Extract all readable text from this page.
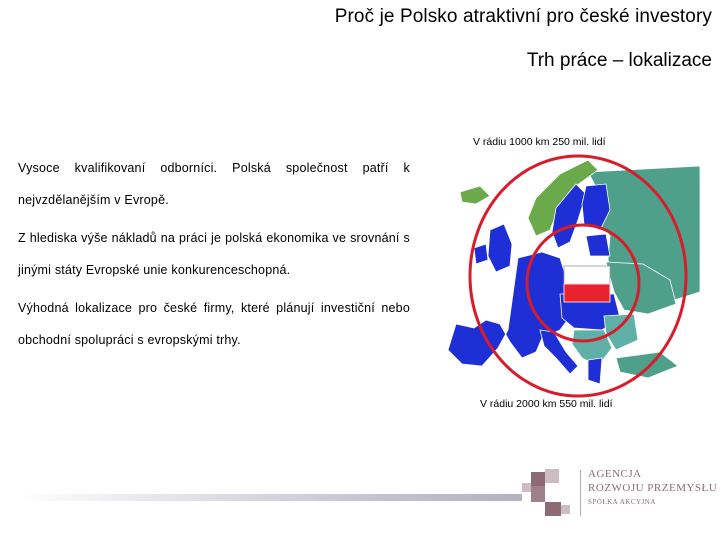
Proč je Polsko atraktivní pro české investory
Trh práce – lokalizace
V rádiu 1000 km 250 mil. lidí

Vysoce kvalifikovaní odborníci. Polská společnost patří k nejvzdělanějším v Evropě.

Z hlediska výše nákladů na práci je polská ekonomika ve srovnání s jinými státy Evropské unie konkurenceschopná.

Výhodná lokalizace pro české firmy, které plánují investiční nebo obchodní spolupráci s evropskými trhy.

V rádiu 2000 km 550 mil. lidí
AGENCJA
ROZWOJU PRZEMYSŁU
SPÓŁKA AKCYJNA
